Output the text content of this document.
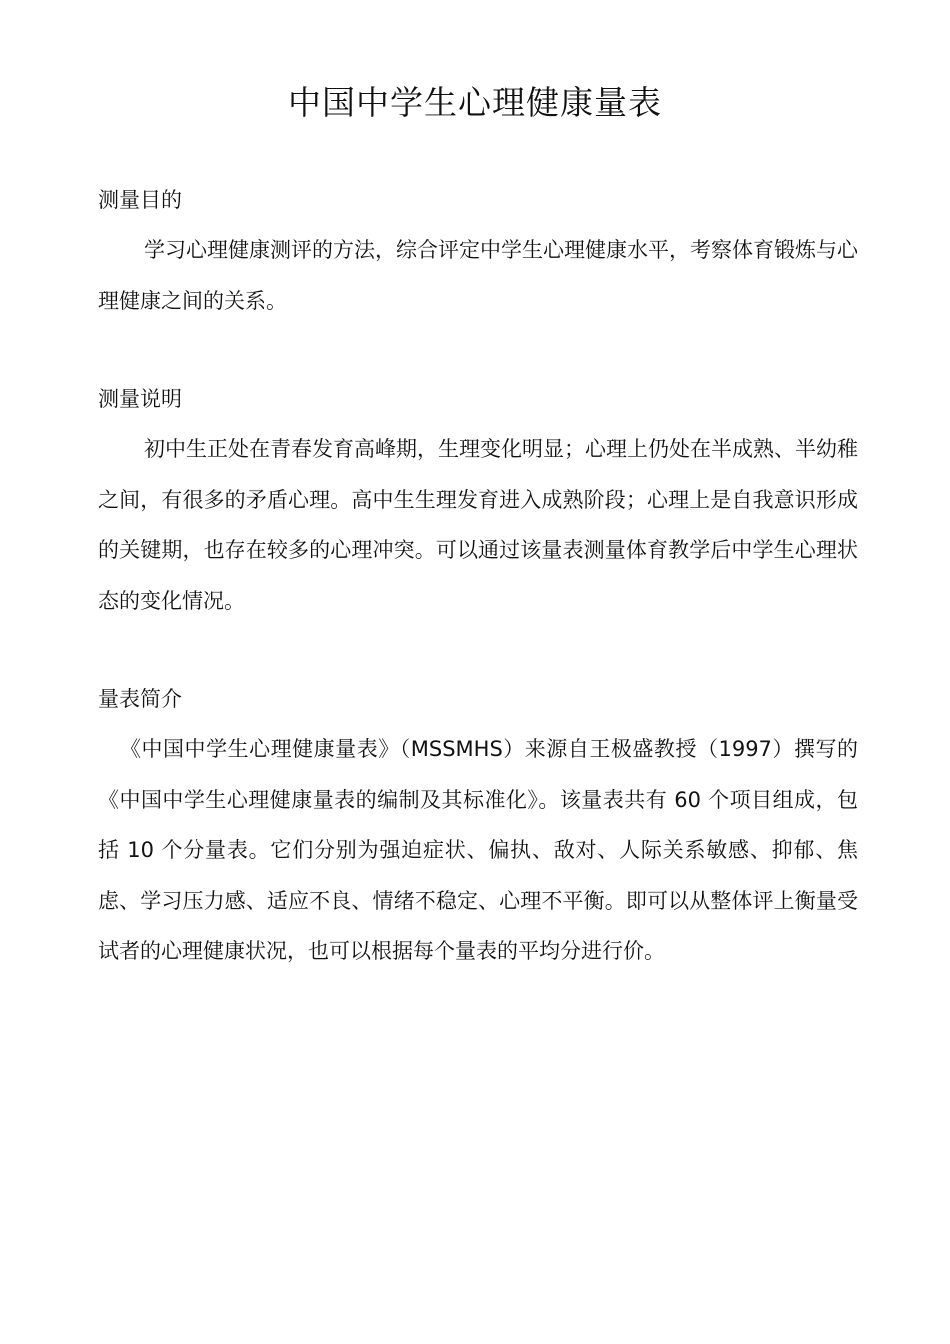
中国中学生心理健康量表
测量目的

学习心理健康测评的方法，综合评定中学生心理健康水平，考察体育锻炼与心理健康之间的关系。

测量说明

初中生正处在青春发育高峰期，生理变化明显；心理上仍处在半成熟、半幼稚之间，有很多的矛盾心理。高中生生理发育进入成熟阶段；心理上是自我意识形成的关键期，也存在较多的心理冲突。可以通过该量表测量体育教学后中学生心理状态的变化情况。

量表简介

《中国中学生心理健康量表》（MSSMHS）来源自王极盛教授（1997）撰写的《中国中学生心理健康量表的编制及其标准化》。该量表共有 60 个项目组成，包括 10 个分量表。它们分别为强迫症状、偏执、敌对、人际关系敏感、抑郁、焦虑、学习压力感、适应不良、情绪不稳定、心理不平衡。即可以从整体评上衡量受试者的心理健康状况，也可以根据每个量表的平均分进行价。
